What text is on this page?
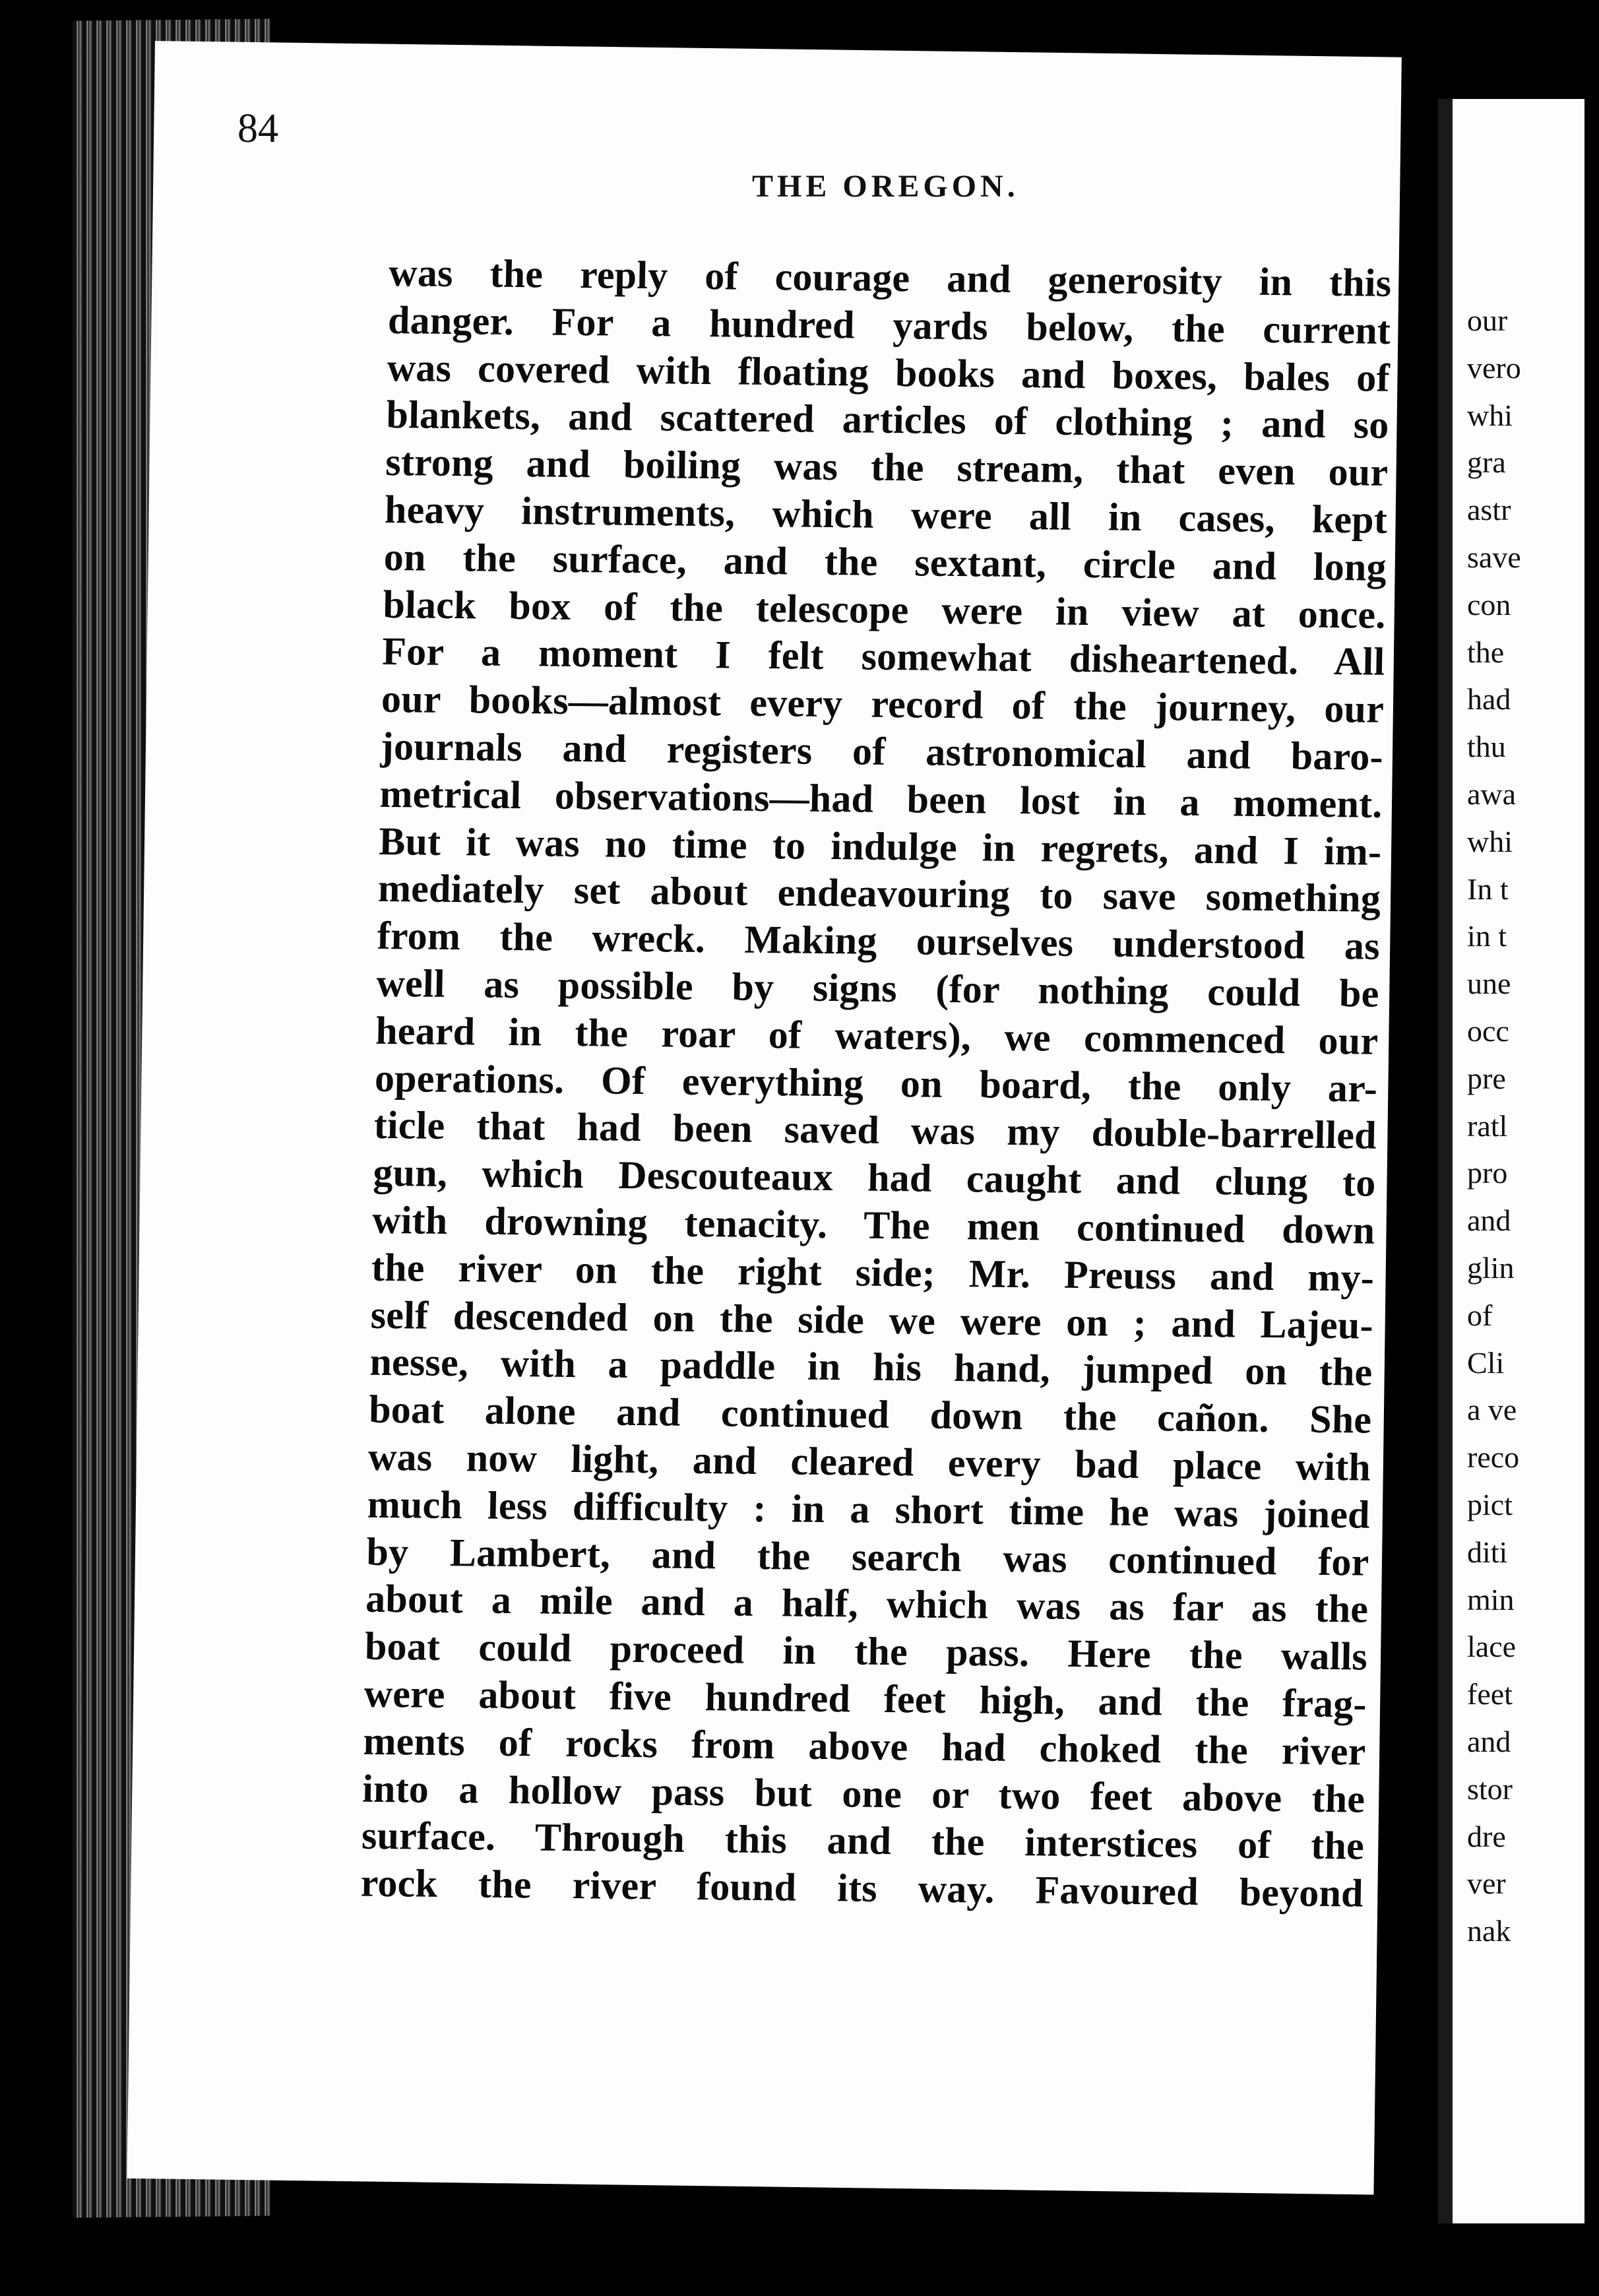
our
vero
whi
gra
astr
save
con
the
had
thu
awa
whi
In t
in t
une
occ
pre
ratl
pro
and
glin
of
Cli
a ve
reco
pict
diti
min
lace
feet
and
stor
dre
ver
nak
84
THE OREGON.
was the reply of courage and generosity in this
danger. For a hundred yards below, the current
was covered with floating books and boxes, bales of
blankets, and scattered articles of clothing ; and so
strong and boiling was the stream, that even our
heavy instruments, which were all in cases, kept
on the surface, and the sextant, circle and long
black box of the telescope were in view at once.
For a moment I felt somewhat disheartened. All
our books—almost every record of the journey, our
journals and registers of astronomical and baro-
metrical observations—had been lost in a moment.
But it was no time to indulge in regrets, and I im-
mediately set about endeavouring to save something
from the wreck. Making ourselves understood as
well as possible by signs (for nothing could be
heard in the roar of waters), we commenced our
operations. Of everything on board, the only ar-
ticle that had been saved was my double-barrelled
gun, which Descouteaux had caught and clung to
with drowning tenacity. The men continued down
the river on the right side; Mr. Preuss and my-
self descended on the side we were on ; and Lajeu-
nesse, with a paddle in his hand, jumped on the
boat alone and continued down the cañon. She
was now light, and cleared every bad place with
much less difficulty : in a short time he was joined
by Lambert, and the search was continued for
about a mile and a half, which was as far as the
boat could proceed in the pass. Here the walls
were about five hundred feet high, and the frag-
ments of rocks from above had choked the river
into a hollow pass but one or two feet above the
surface. Through this and the interstices of the
rock the river found its way. Favoured beyond
